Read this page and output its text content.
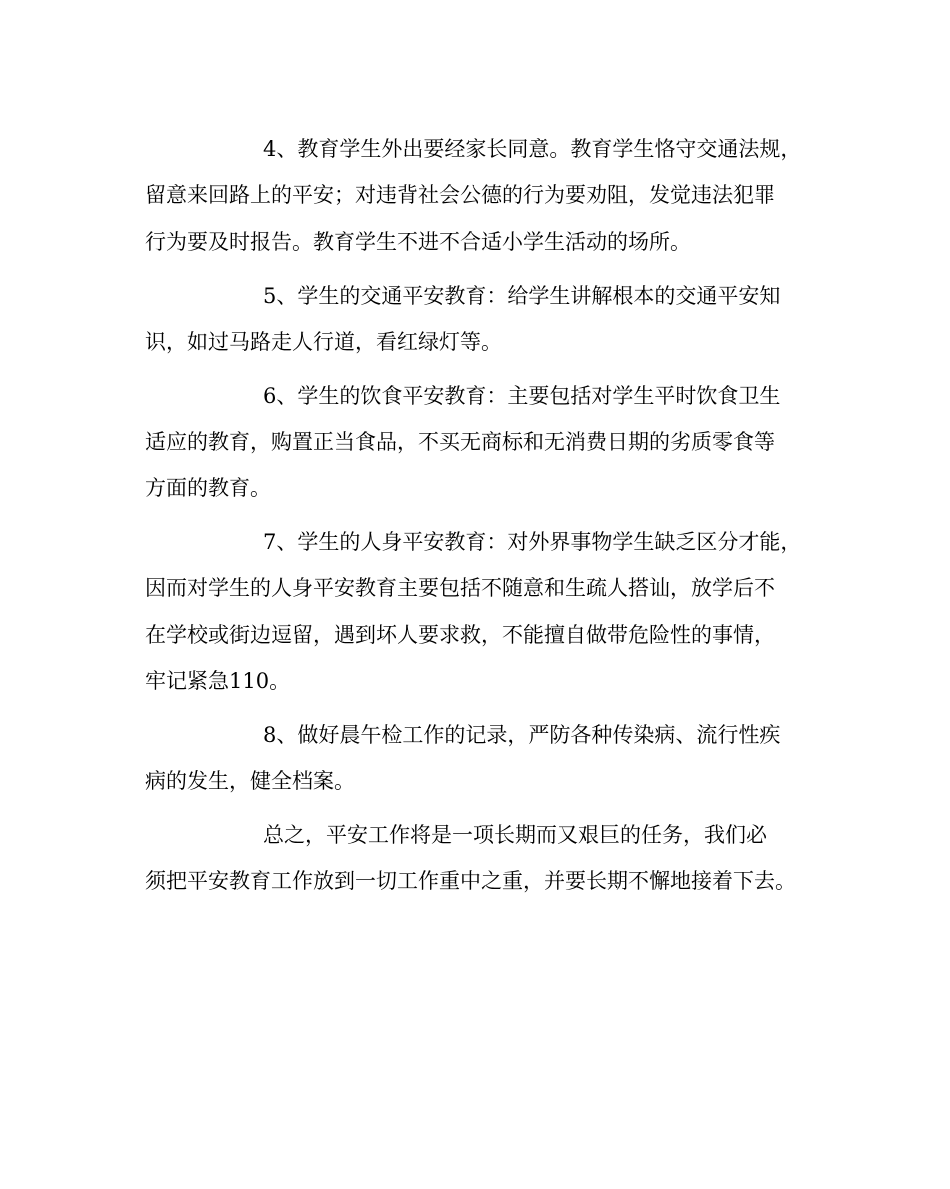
4、教育学生外出要经家长同意。教育学生恪守交通法规，
留意来回路上的平安；对违背社会公德的行为要劝阻，发觉违法犯罪
行为要及时报告。教育学生不进不合适小学生活动的场所。
5、学生的交通平安教育：给学生讲解根本的交通平安知
识，如过马路走人行道，看红绿灯等。
6、学生的饮食平安教育：主要包括对学生平时饮食卫生
适应的教育，购置正当食品，不买无商标和无消费日期的劣质零食等
方面的教育。
7、学生的人身平安教育：对外界事物学生缺乏区分才能，
因而对学生的人身平安教育主要包括不随意和生疏人搭讪，放学后不
在学校或街边逗留，遇到坏人要求救，不能擅自做带危险性的事情，
牢记紧急110。
8、做好晨午检工作的记录，严防各种传染病、流行性疾
病的发生，健全档案。
总之，平安工作将是一项长期而又艰巨的任务，我们必
须把平安教育工作放到一切工作重中之重，并要长期不懈地接着下去。
